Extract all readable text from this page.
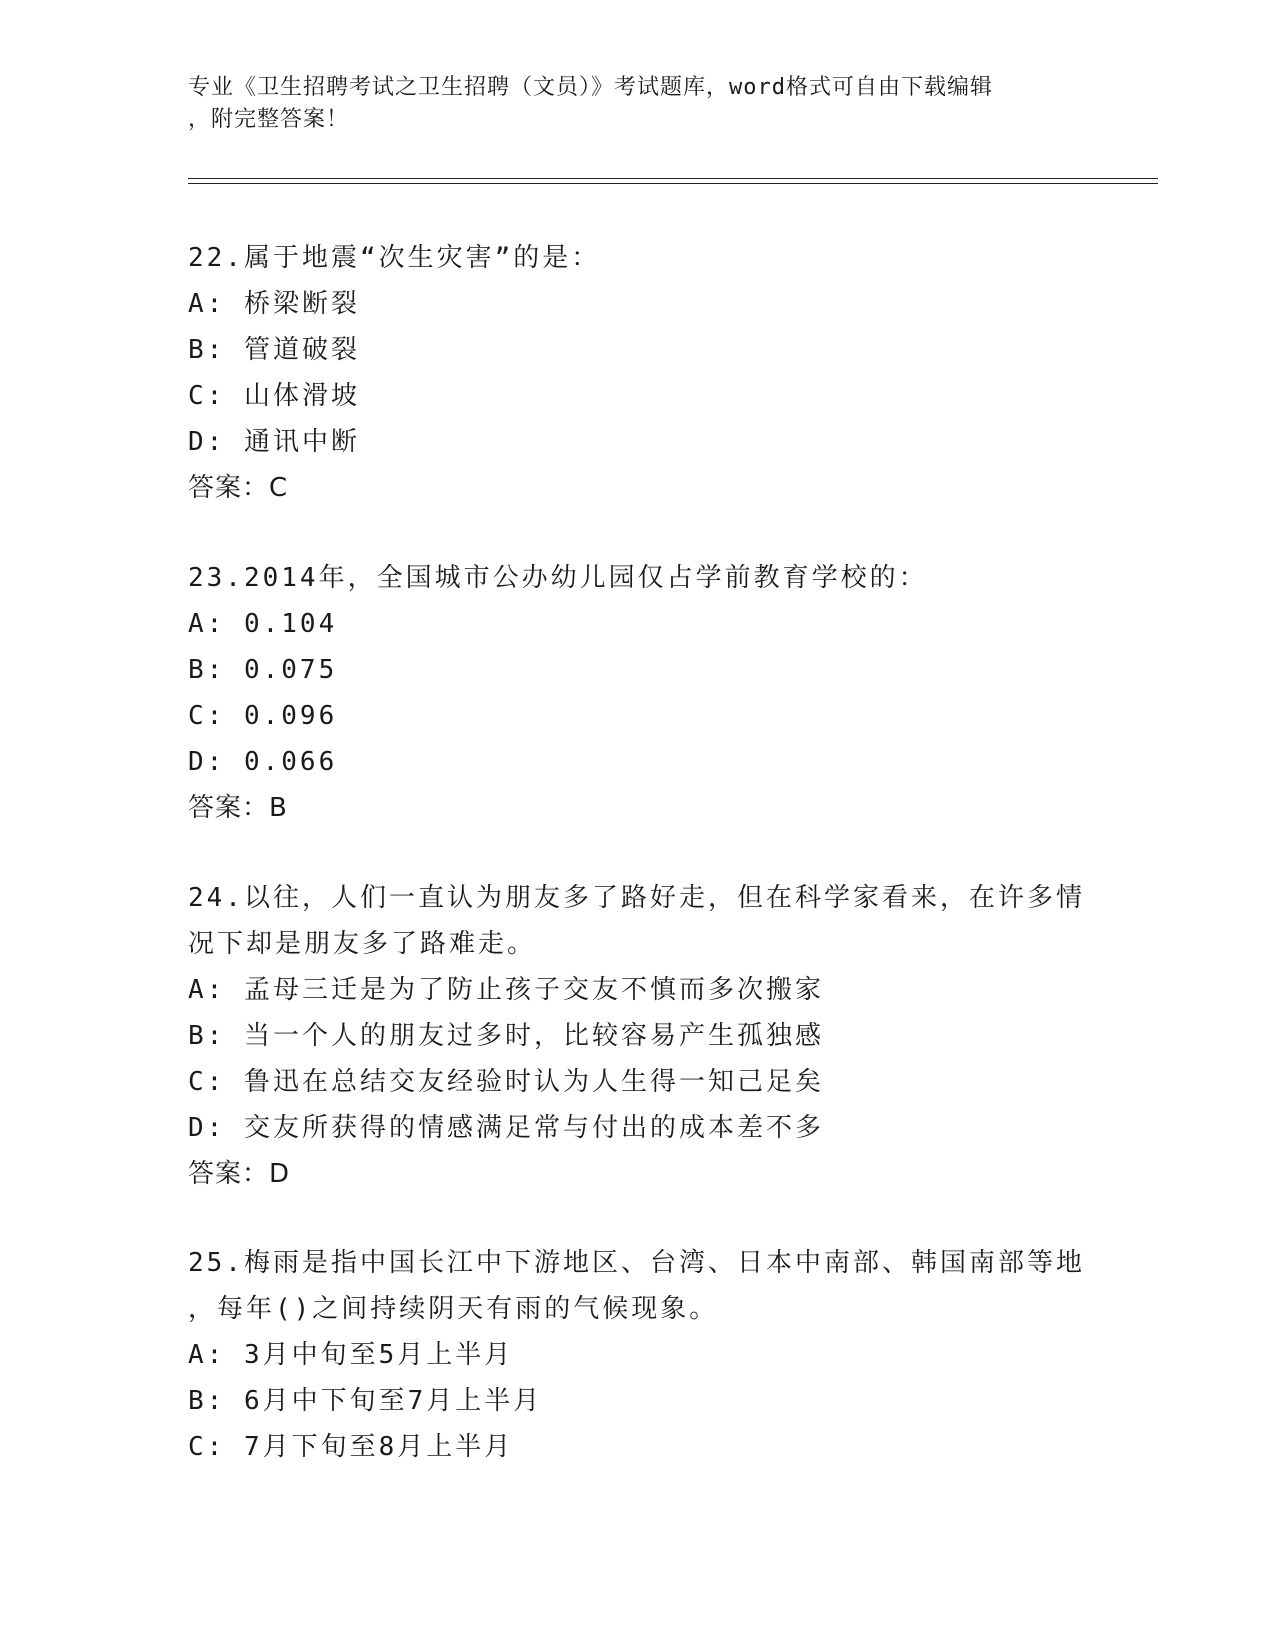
专业《卫生招聘考试之卫生招聘（文员）》考试题库，word格式可自由下载编辑
，附完整答案！

22.属于地震“次生灾害”的是：

A: 桥梁断裂

B: 管道破裂

C: 山体滑坡

D: 通讯中断

答案：C

23.2014年，全国城市公办幼儿园仅占学前教育学校的：

A: 0.104

B: 0.075

C: 0.096

D: 0.066

答案：B

24.以往，人们一直认为朋友多了路好走，但在科学家看来，在许多情

况下却是朋友多了路难走。

A: 孟母三迁是为了防止孩子交友不慎而多次搬家

B: 当一个人的朋友过多时，比较容易产生孤独感

C: 鲁迅在总结交友经验时认为人生得一知己足矣

D: 交友所获得的情感满足常与付出的成本差不多

答案：D

25.梅雨是指中国长江中下游地区、台湾、日本中南部、韩国南部等地

，每年()之间持续阴天有雨的气候现象。

A: 3月中旬至5月上半月

B: 6月中下旬至7月上半月

C: 7月下旬至8月上半月
